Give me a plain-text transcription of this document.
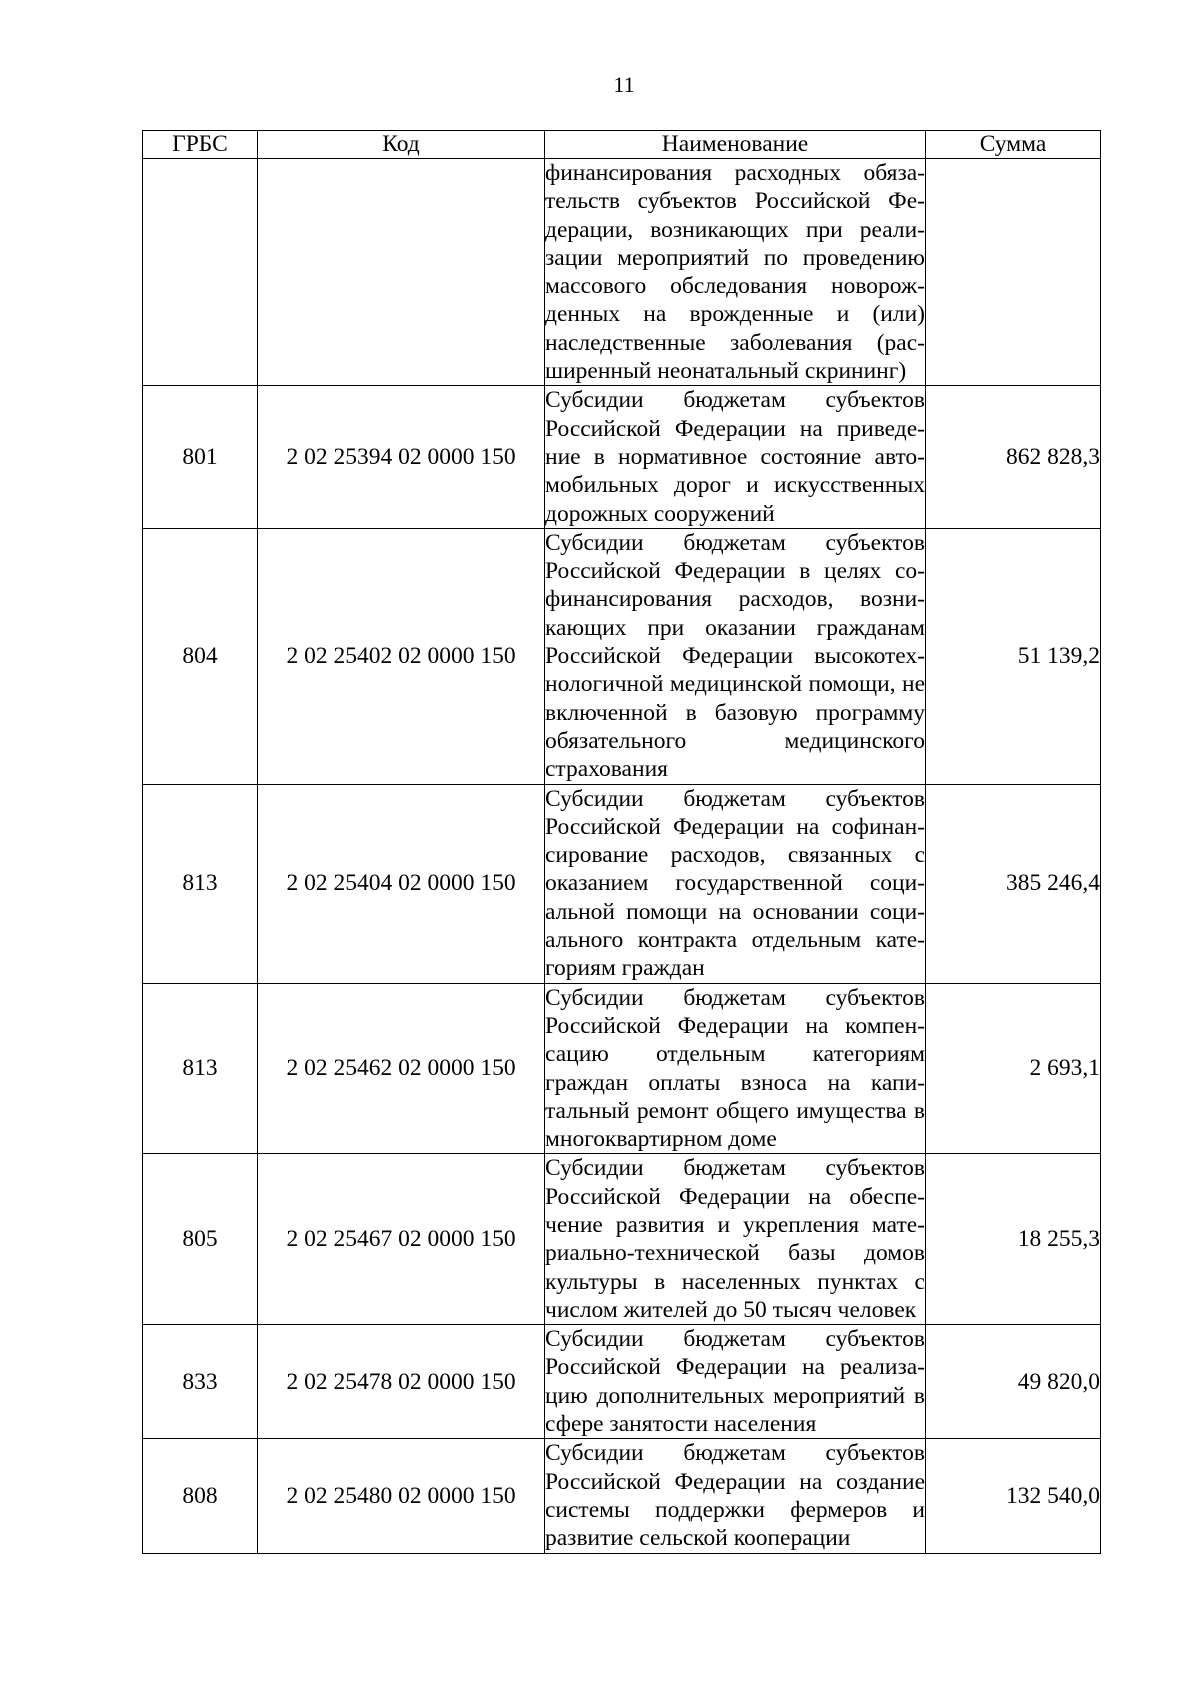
11
ГРБС	Код	Наименование	Сумма
		финансирования расходных обязательств субъектов Российской Федерации, возникающих при реализации мероприятий по проведению массового обследования новорожденных на врожденные и (или) наследственные заболевания (расширенный неонатальный скрининг)	
801	2 02 25394 02 0000 150	Субсидии бюджетам субъектов Российской Федерации на приведение в нормативное состояние автомобильных дорог и искусственных дорожных сооружений	862 828,3
804	2 02 25402 02 0000 150	Субсидии бюджетам субъектов Российской Федерации в целях софинансирования расходов, возникающих при оказании гражданам Российской Федерации высокотехнологичной медицинской помощи, не включенной в базовую программу обязательного медицинского страхования	51 139,2
813	2 02 25404 02 0000 150	Субсидии бюджетам субъектов Российской Федерации на софинансирование расходов, связанных с оказанием государственной социальной помощи на основании социального контракта отдельным категориям граждан	385 246,4
813	2 02 25462 02 0000 150	Субсидии бюджетам субъектов Российской Федерации на компенсацию отдельным категориям граждан оплаты взноса на капитальный ремонт общего имущества в многоквартирном доме	2 693,1
805	2 02 25467 02 0000 150	Субсидии бюджетам субъектов Российской Федерации на обеспечение развития и укрепления материально-технической базы домов культуры в населенных пунктах с числом жителей до 50 тысяч человек	18 255,3
833	2 02 25478 02 0000 150	Субсидии бюджетам субъектов Российской Федерации на реализацию дополнительных мероприятий в сфере занятости населения	49 820,0
808	2 02 25480 02 0000 150	Субсидии бюджетам субъектов Российской Федерации на создание системы поддержки фермеров и развитие сельской кооперации	132 540,0
